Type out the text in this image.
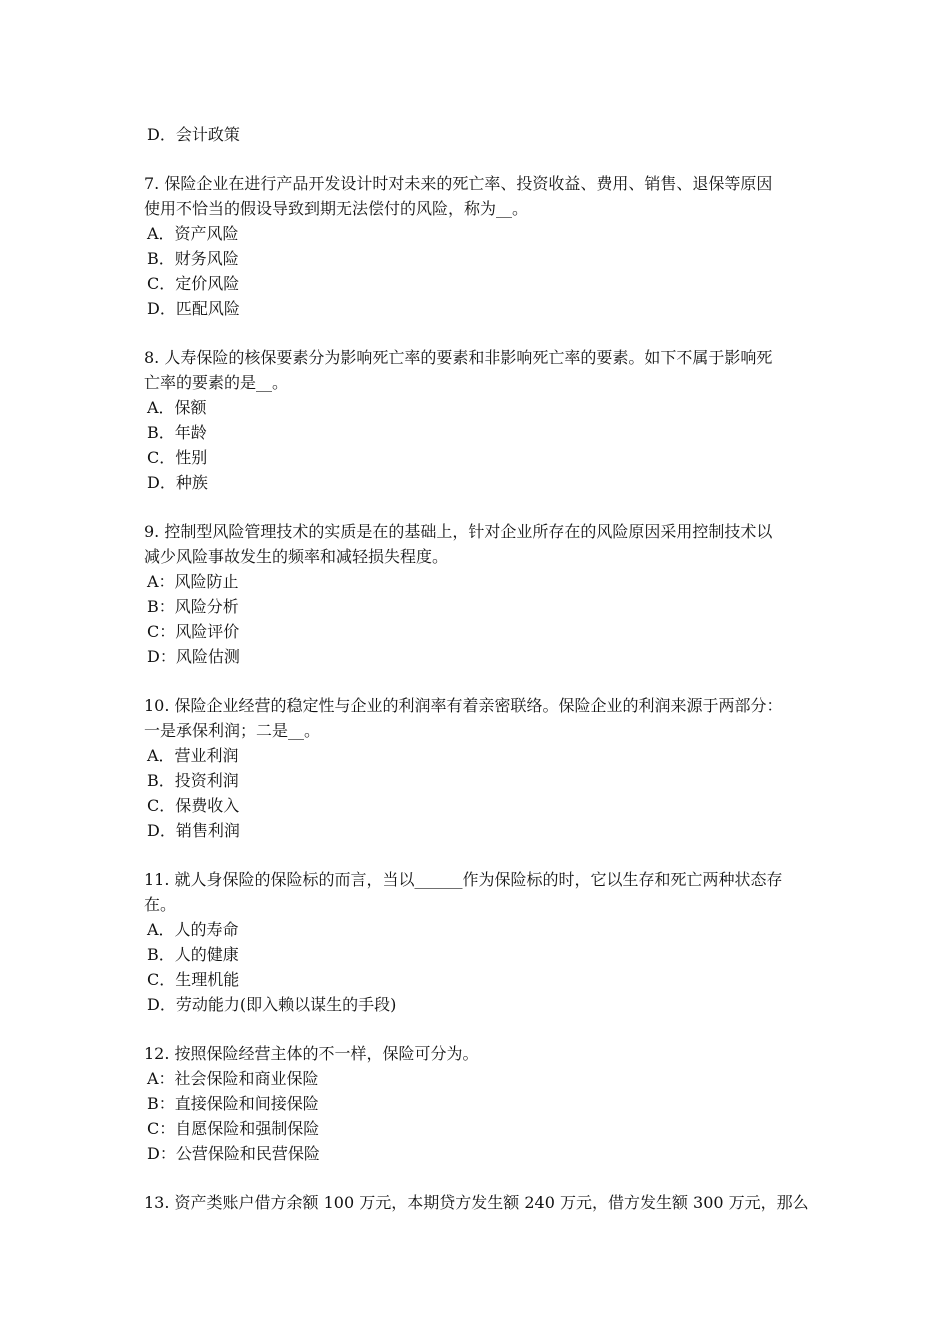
D．会计政策
7. 保险企业在进行产品开发设计时对未来的死亡率、投资收益、费用、销售、退保等原因
使用不恰当的假设导致到期无法偿付的风险，称为__。
A．资产风险
B．财务风险
C．定价风险
D．匹配风险
8. 人寿保险的核保要素分为影响死亡率的要素和非影响死亡率的要素。如下不属于影响死
亡率的要素的是__。
A．保额
B．年龄
C．性别
D．种族
9. 控制型风险管理技术的实质是在的基础上，针对企业所存在的风险原因采用控制技术以
减少风险事故发生的频率和减轻损失程度。
A：风险防止
B：风险分析
C：风险评价
D：风险估测
10. 保险企业经营的稳定性与企业的利润率有着亲密联络。保险企业的利润来源于两部分：
一是承保利润；二是__。
A．营业利润
B．投资利润
C．保费收入
D．销售利润
11. 就人身保险的保险标的而言，当以______作为保险标的时，它以生存和死亡两种状态存
在。
A．人的寿命
B．人的健康
C．生理机能
D．劳动能力(即入赖以谋生的手段)
12. 按照保险经营主体的不一样，保险可分为。
A：社会保险和商业保险
B：直接保险和间接保险
C：自愿保险和强制保险
D：公营保险和民营保险
13. 资产类账户借方余额 100 万元，本期贷方发生额 240 万元，借方发生额 300 万元，那么
